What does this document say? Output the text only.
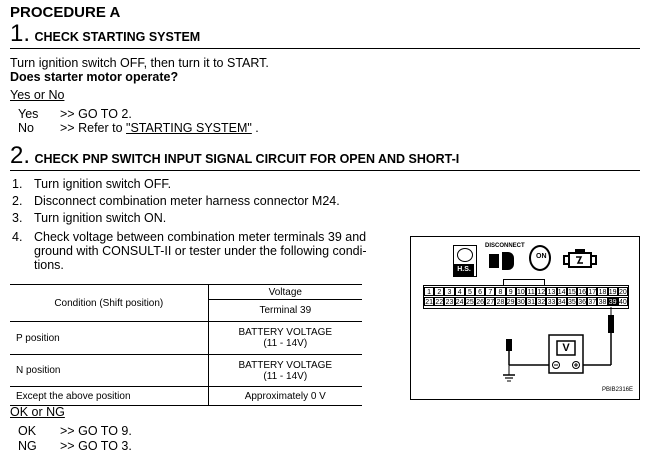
PROCEDURE A
1. CHECK STARTING SYSTEM
Turn ignition switch OFF, then turn it to START.
Does starter motor operate?
Yes or No
Yes >> GO TO 2.
No >> Refer to "STARTING SYSTEM" .
2. CHECK PNP SWITCH INPUT SIGNAL CIRCUIT FOR OPEN AND SHORT-I
1. Turn ignition switch OFF.
2. Disconnect combination meter harness connector M24.
3. Turn ignition switch ON.
4. Check voltage between combination meter terminals 39 and
ground with CONSULT-II or tester under the following condi-
tions.
Condition (Shift position)	Voltage
	Terminal 39
P position	BATTERY VOLTAGE
(11 - 14V)
N position	BATTERY VOLTAGE
(11 - 14V)
Except the above position	Approximately 0 V
OK or NG
OK >> GO TO 9.
NG >> GO TO 3.
H.S.
DISCONNECT
ON
1 2 3 4 5 6 7 8 9 10 11 12 13 14 15 16 17 18 19 20
21 22 23 24 25 26 27 28 29 30 31 32 33 34 35 36 37 38 39 40
V
PBIB2316E
